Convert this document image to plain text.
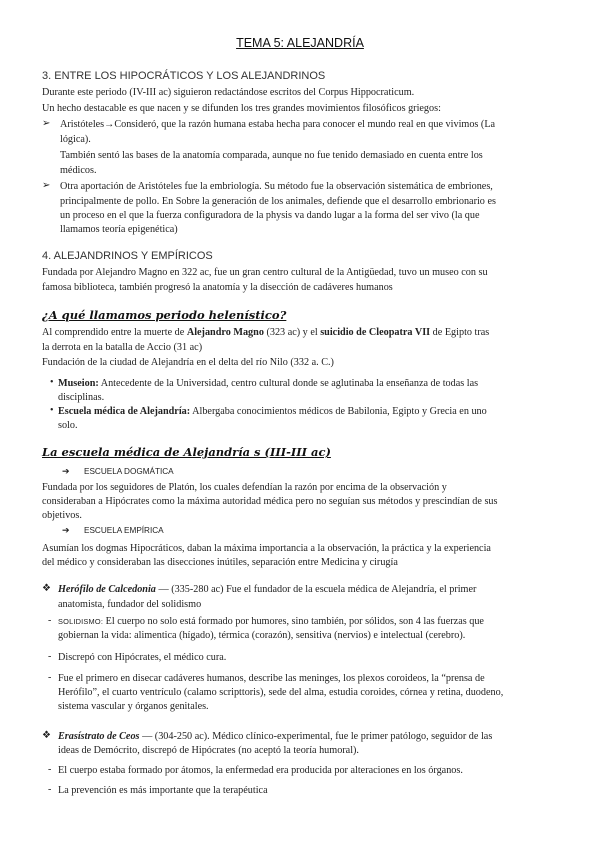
TEMA 5: ALEJANDRÍA
3. ENTRE LOS HIPOCRÁTICOS Y LOS ALEJANDRINOS
Durante este periodo (IV-III ac) siguieron redactándose escritos del Corpus Hippocraticum.
Un hecho destacable es que nacen y se difunden los tres grandes movimientos filosóficos griegos:
➢ Aristóteles→Consideró, que la razón humana estaba hecha para conocer el mundo real en que vivimos (La
lógica).
También sentó las bases de la anatomía comparada, aunque no fue tenido demasiado en cuenta entre los
médicos.
➢ Otra aportación de Aristóteles fue la embriología. Su método fue la observación sistemática de embriones,
principalmente de pollo. En Sobre la generación de los animales, defiende que el desarrollo embrionario es
un proceso en el que la fuerza configuradora de la physis va dando lugar a la forma del ser vivo (la que
llamamos teoría epigenética)
4. ALEJANDRINOS Y EMPÍRICOS
Fundada por Alejandro Magno en 322 ac, fue un gran centro cultural de la Antigüedad, tuvo un museo con su
famosa biblioteca, también progresó la anatomía y la disección de cadáveres humanos
¿A qué llamamos periodo helenístico?
Al comprendido entre la muerte de Alejandro Magno (323 ac) y el suicidio de Cleopatra VII de Egipto tras
la derrota en la batalla de Accio (31 ac)
Fundación de la ciudad de Alejandría en el delta del río Nilo (332 a. C.)
• Museion: Antecedente de la Universidad, centro cultural donde se aglutinaba la enseñanza de todas las
disciplinas.
• Escuela médica de Alejandría: Albergaba conocimientos médicos de Babilonia, Egipto y Grecia en uno
solo.
La escuela médica de Alejandría s (III-III ac)
➔ ESCUELA DOGMÁTICA
Fundada por los seguidores de Platón, los cuales defendían la razón por encima de la observación y
consideraban a Hipócrates como la máxima autoridad médica pero no seguían sus métodos y prescindían de sus
objetivos.
➔ ESCUELA EMPÍRICA
Asumían los dogmas Hipocráticos, daban la máxima importancia a la observación, la práctica y la experiencia
del médico y consideraban las disecciones inútiles, separación entre Medicina y cirugía
❖ Herófilo de Calcedonia — (335-280 ac) Fue el fundador de la escuela médica de Alejandría, el primer
anatomista, fundador del solidismo
- SOLIDISMO: El cuerpo no solo está formado por humores, sino también, por sólidos, son 4 las fuerzas que
gobiernan la vida: alimentica (hígado), térmica (corazón), sensitiva (nervios) e intelectual (cerebro).
- Discrepó con Hipócrates, el médico cura.
- Fue el primero en disecar cadáveres humanos, describe las meninges, los plexos coroideos, la “prensa de
Herófilo”, el cuarto ventrículo (calamo scripttoris), sede del alma, estudia coroides, córnea y retina, duodeno,
sistema vascular y órganos genitales.
❖ Erasístrato de Ceos — (304-250 ac). Médico clínico-experimental, fue le primer patólogo, seguidor de las
ideas de Demócrito, discrepó de Hipócrates (no aceptó la teoría humoral).
- El cuerpo estaba formado por átomos, la enfermedad era producida por alteraciones en los órganos.
- La prevención es más importante que la terapéutica
